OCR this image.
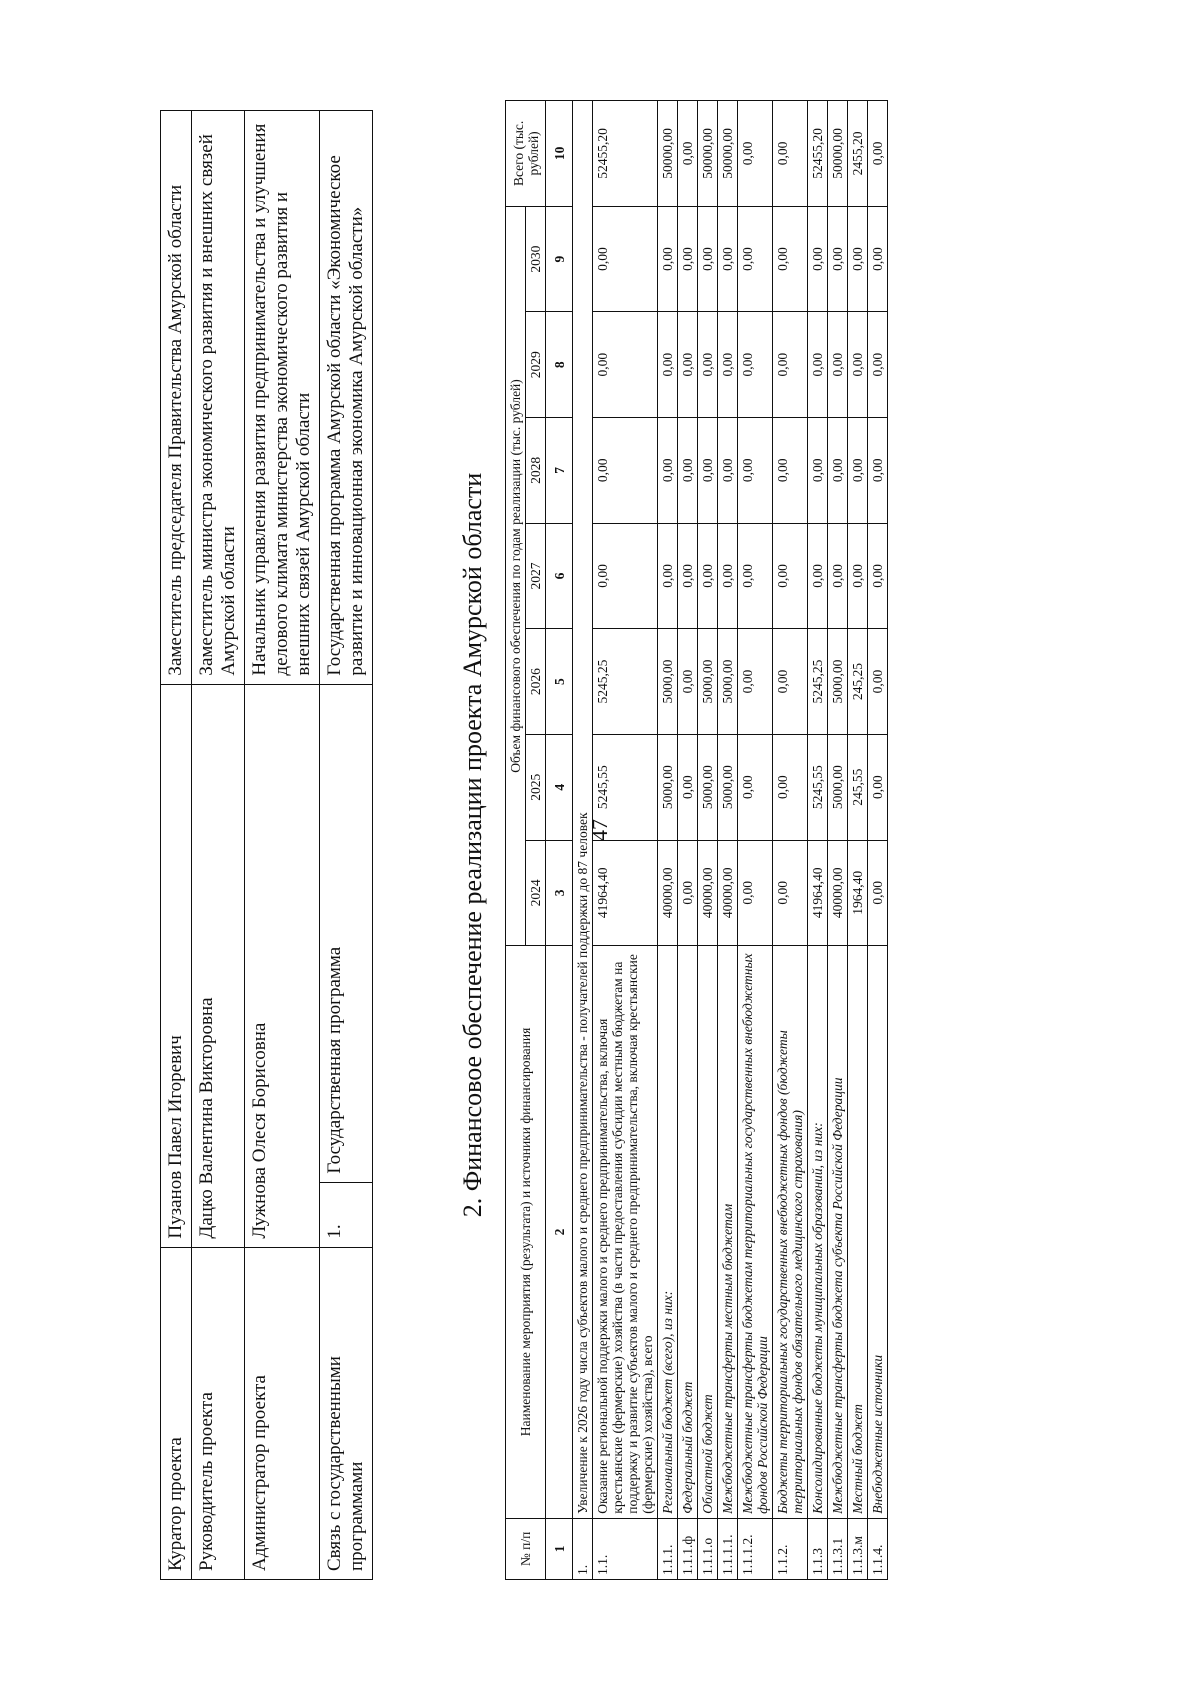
47
Куратор проекта	Пузанов Павел Игоревич		Заместитель председателя Правительства Амурской области
Руководитель проекта	Дацко Валентина Викторовна		Заместитель министра экономического развития и внешних связей Амурской области
Администратор проекта	Лужнова Олеся Борисовна		Начальник управления развития предпринимательства и улучшения делового климата министерства экономического развития и внешних связей Амурской области
Связь с государственными программами	1.	Государственная программа	Государственная программа Амурской области «Экономическое развитие и инновационная экономика Амурской области»
2. Финансовое обеспечение реализации проекта Амурской области
№ п/п	Наименование мероприятия (результата) и источники финансирования	Объем финансового обеспечения по годам реализации (тыс. рублей)							Всего (тыс. рублей)
		2024	2025	2026	2027	2028	2029	2030	
1	2	3	4	5	6	7	8	9	10
1.	Увеличение к 2026 году числа субъектов малого и среднего предпринимательства - получателей поддержки до 87 человек								
1.1.	Оказание региональной поддержки малого и среднего предпринимательства, включая крестьянские (фермерские) хозяйства (в части предоставления субсидии местным бюджетам на поддержку и развитие субъектов малого и среднего предпринимательства, включая крестьянские (фермерские) хозяйства), всего	41964,40	5245,55	5245,25	0,00	0,00	0,00	0,00	52455,20
1.1.1.	Региональный бюджет (всего), из них:	40000,00	5000,00	5000,00	0,00	0,00	0,00	0,00	50000,00
1.1.1.ф	Федеральный бюджет	0,00	0,00	0,00	0,00	0,00	0,00	0,00	0,00
1.1.1.о	Областной бюджет	40000,00	5000,00	5000,00	0,00	0,00	0,00	0,00	50000,00
1.1.1.1.	Межбюджетные трансферты местным бюджетам	40000,00	5000,00	5000,00	0,00	0,00	0,00	0,00	50000,00
1.1.1.2.	Межбюджетные трансферты бюджетам территориальных государственных внебюджетных фондов Российской Федерации	0,00	0,00	0,00	0,00	0,00	0,00	0,00	0,00
1.1.2.	Бюджеты территориальных государственных внебюджетных фондов (бюджеты территориальных фондов обязательного медицинского страхования)	0,00	0,00	0,00	0,00	0,00	0,00	0,00	0,00
1.1.3	Консолидированные бюджеты муниципальных образований, из них:	41964,40	5245,55	5245,25	0,00	0,00	0,00	0,00	52455,20
1.1.3.1	Межбюджетные трансферты бюджета субъекта Российской Федерации	40000,00	5000,00	5000,00	0,00	0,00	0,00	0,00	50000,00
1.1.3.м	Местный бюджет	1964,40	245,55	245,25	0,00	0,00	0,00	0,00	2455,20
1.1.4.	Внебюджетные источники	0,00	0,00	0,00	0,00	0,00	0,00	0,00	0,00
